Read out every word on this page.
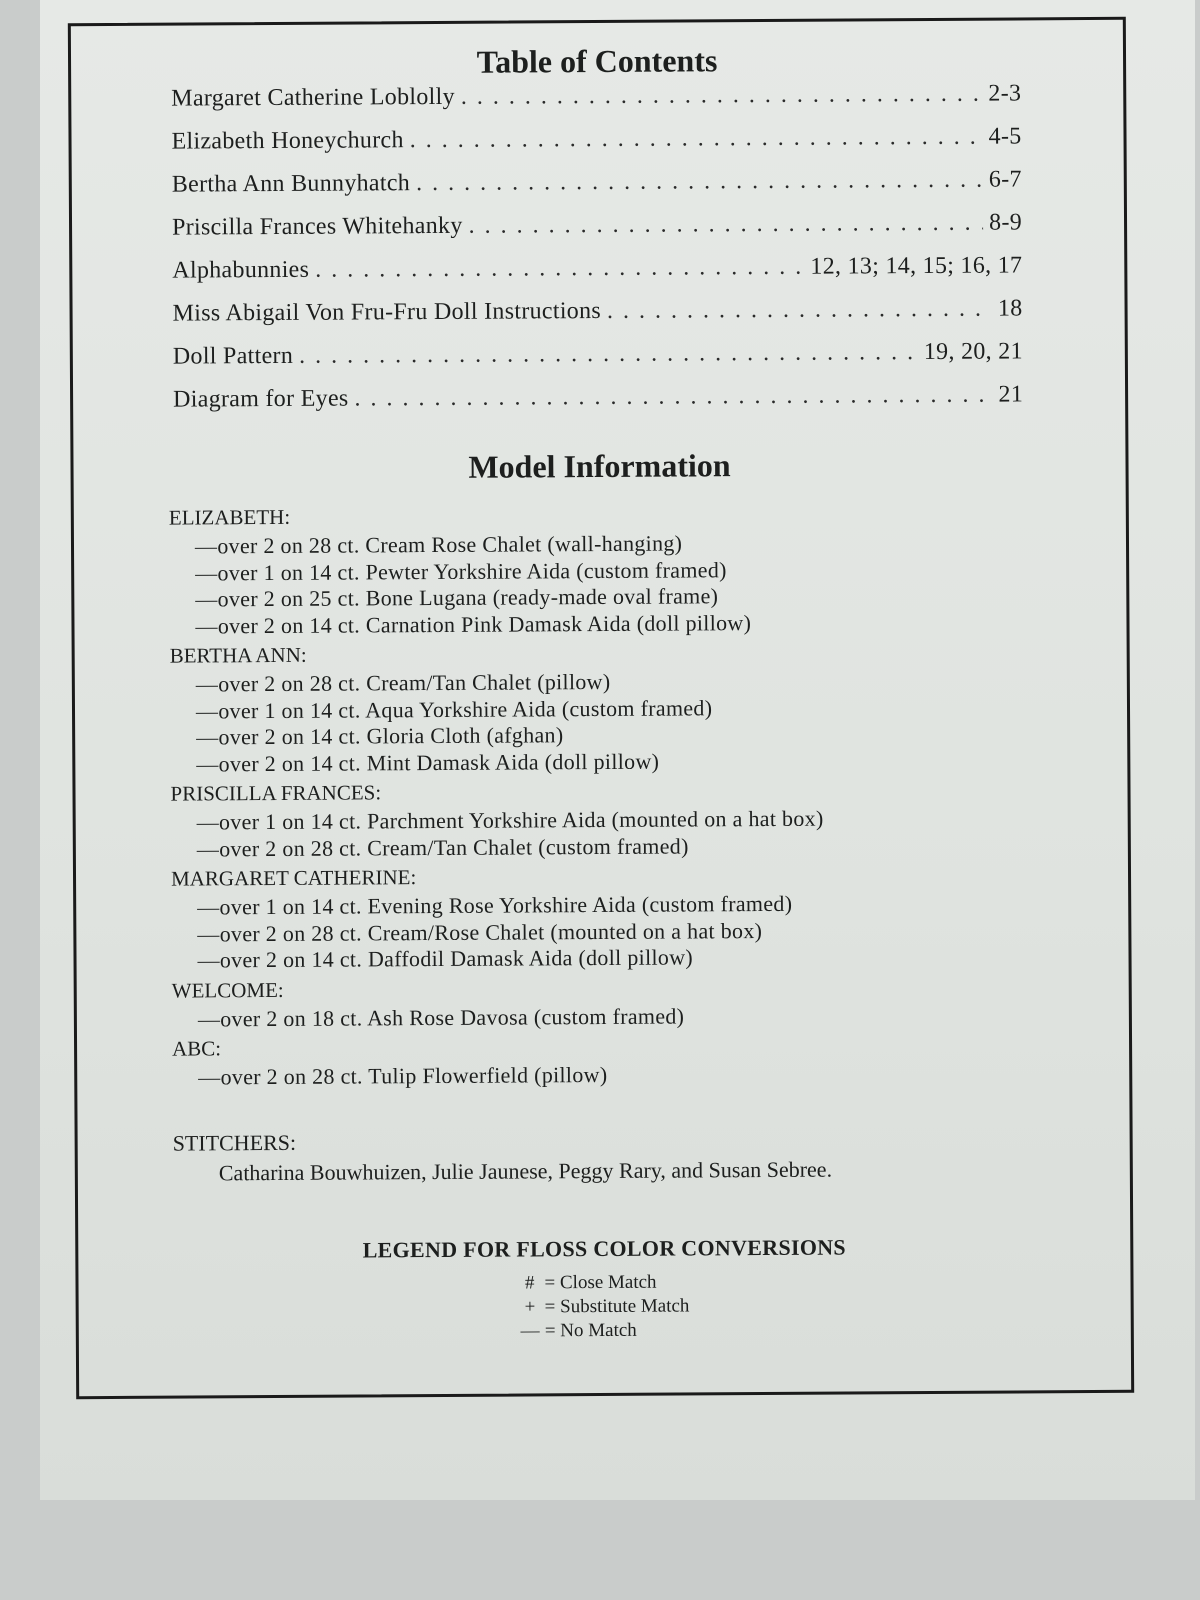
Table of Contents
Margaret Catherine Loblolly . . .	2-3
Elizabeth Honeychurch . . .	4-5
Bertha Ann Bunnyhatch . . .	6-7
Priscilla Frances Whitehanky . . .	8-9
Alphabunnies . . .	12, 13; 14, 15; 16, 17
Miss Abigail Von Fru-Fru Doll Instructions . . .	18
Doll Pattern . . .	19, 20, 21
Diagram for Eyes . . .	21
Model Information
ELIZABETH:
—over 2 on 28 ct. Cream Rose Chalet (wall-hanging)
—over 1 on 14 ct. Pewter Yorkshire Aida (custom framed)
—over 2 on 25 ct. Bone Lugana (ready-made oval frame)
—over 2 on 14 ct. Carnation Pink Damask Aida (doll pillow)
BERTHA ANN:
—over 2 on 28 ct. Cream/Tan Chalet (pillow)
—over 1 on 14 ct. Aqua Yorkshire Aida (custom framed)
—over 2 on 14 ct. Gloria Cloth (afghan)
—over 2 on 14 ct. Mint Damask Aida (doll pillow)
PRISCILLA FRANCES:
—over 1 on 14 ct. Parchment Yorkshire Aida (mounted on a hat box)
—over 2 on 28 ct. Cream/Tan Chalet (custom framed)
MARGARET CATHERINE:
—over 1 on 14 ct. Evening Rose Yorkshire Aida (custom framed)
—over 2 on 28 ct. Cream/Rose Chalet (mounted on a hat box)
—over 2 on 14 ct. Daffodil Damask Aida (doll pillow)
WELCOME:
—over 2 on 18 ct. Ash Rose Davosa (custom framed)
ABC:
—over 2 on 28 ct. Tulip Flowerfield (pillow)
STITCHERS:
Catharina Bouwhuizen, Julie Jaunese, Peggy Rary, and Susan Sebree.
LEGEND FOR FLOSS COLOR CONVERSIONS
# = Close Match
+ = Substitute Match
— = No Match
